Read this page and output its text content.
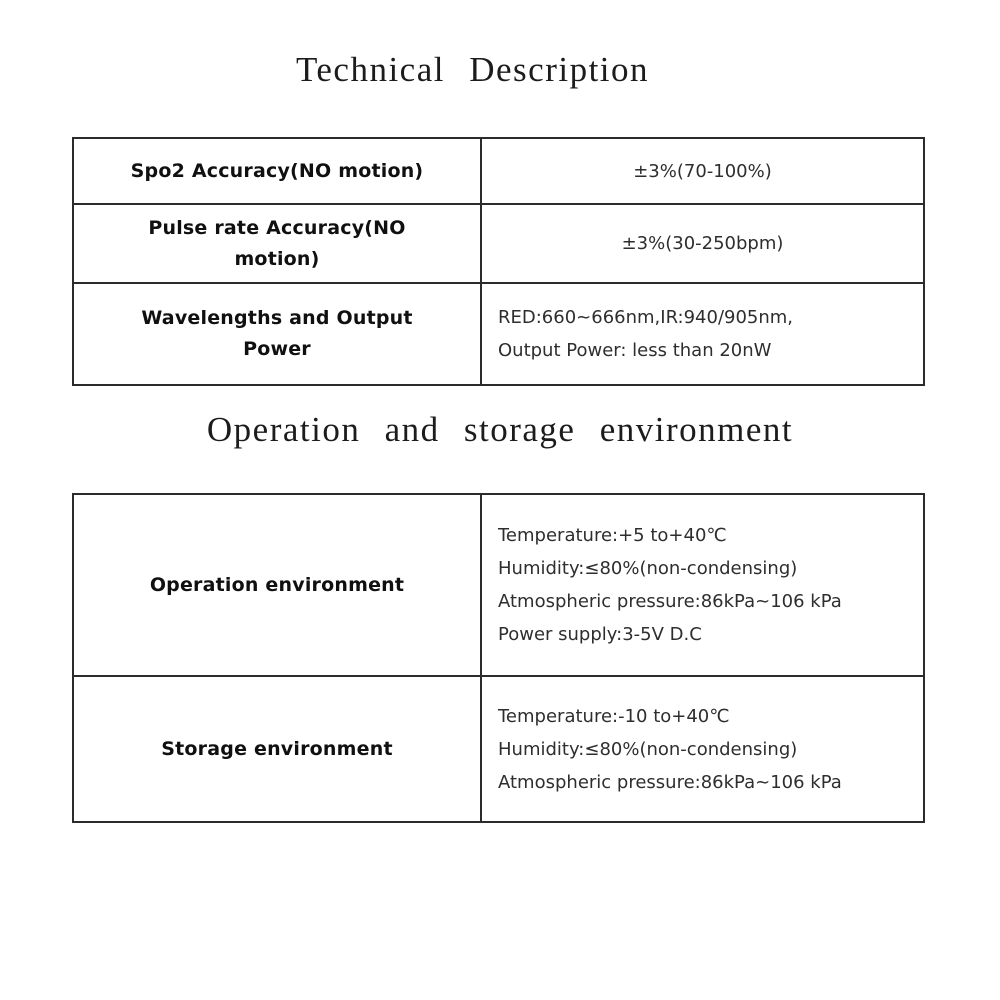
Technical Description
Spo2 Accuracy(NO motion)	±3%(70-100%)
Pulse rate Accuracy(NO
motion)
±3%(30-250bpm)
Wavelengths and Output
Power
RED:660~666nm,IR:940/905nm,
Output Power: less than 20nW
Operation and storage environment
Operation environment
Temperature:+5 to+40℃
Humidity:≤80%(non-condensing)
Atmospheric pressure:86kPa~106 kPa
Power supply:3-5V D.C
Storage environment
Temperature:-10 to+40℃
Humidity:≤80%(non-condensing)
Atmospheric pressure:86kPa~106 kPa
